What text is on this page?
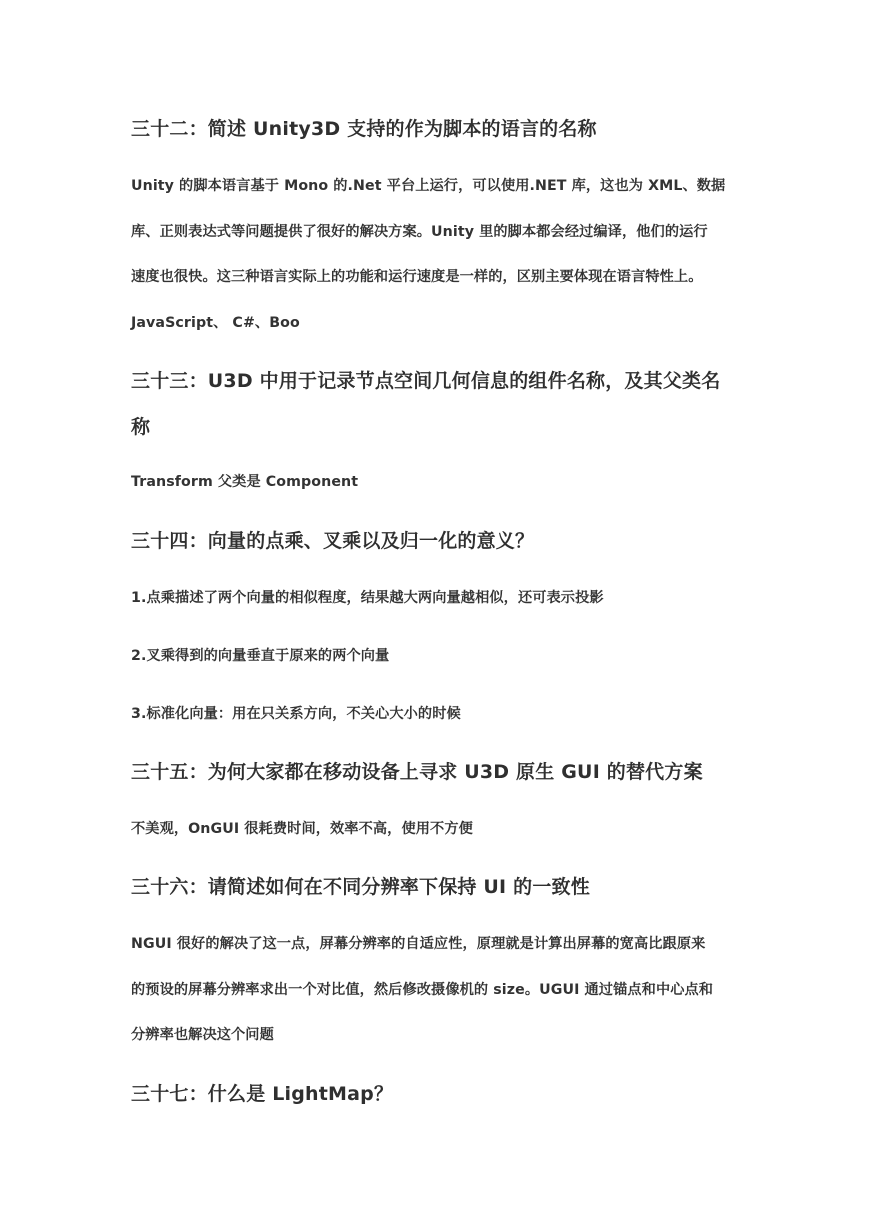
三十二：简述 Unity3D 支持的作为脚本的语言的名称
Unity 的脚本语言基于 Mono 的.Net 平台上运行，可以使用.NET 库，这也为 XML、数据
库、正则表达式等问题提供了很好的解决方案。Unity 里的脚本都会经过编译，他们的运行
速度也很快。这三种语言实际上的功能和运行速度是一样的，区别主要体现在语言特性上。
JavaScript、 C#、Boo
三十三：U3D 中用于记录节点空间几何信息的组件名称，及其父类名
称
Transform 父类是 Component
三十四：向量的点乘、叉乘以及归一化的意义？
1.点乘描述了两个向量的相似程度，结果越大两向量越相似，还可表示投影
2.叉乘得到的向量垂直于原来的两个向量
3.标准化向量：用在只关系方向，不关心大小的时候
三十五：为何大家都在移动设备上寻求 U3D 原生 GUI 的替代方案
不美观，OnGUI 很耗费时间，效率不高，使用不方便
三十六：请简述如何在不同分辨率下保持 UI 的一致性
NGUI 很好的解决了这一点，屏幕分辨率的自适应性，原理就是计算出屏幕的宽高比跟原来
的预设的屏幕分辨率求出一个对比值，然后修改摄像机的 size。UGUI 通过锚点和中心点和
分辨率也解决这个问题
三十七：什么是 LightMap？
